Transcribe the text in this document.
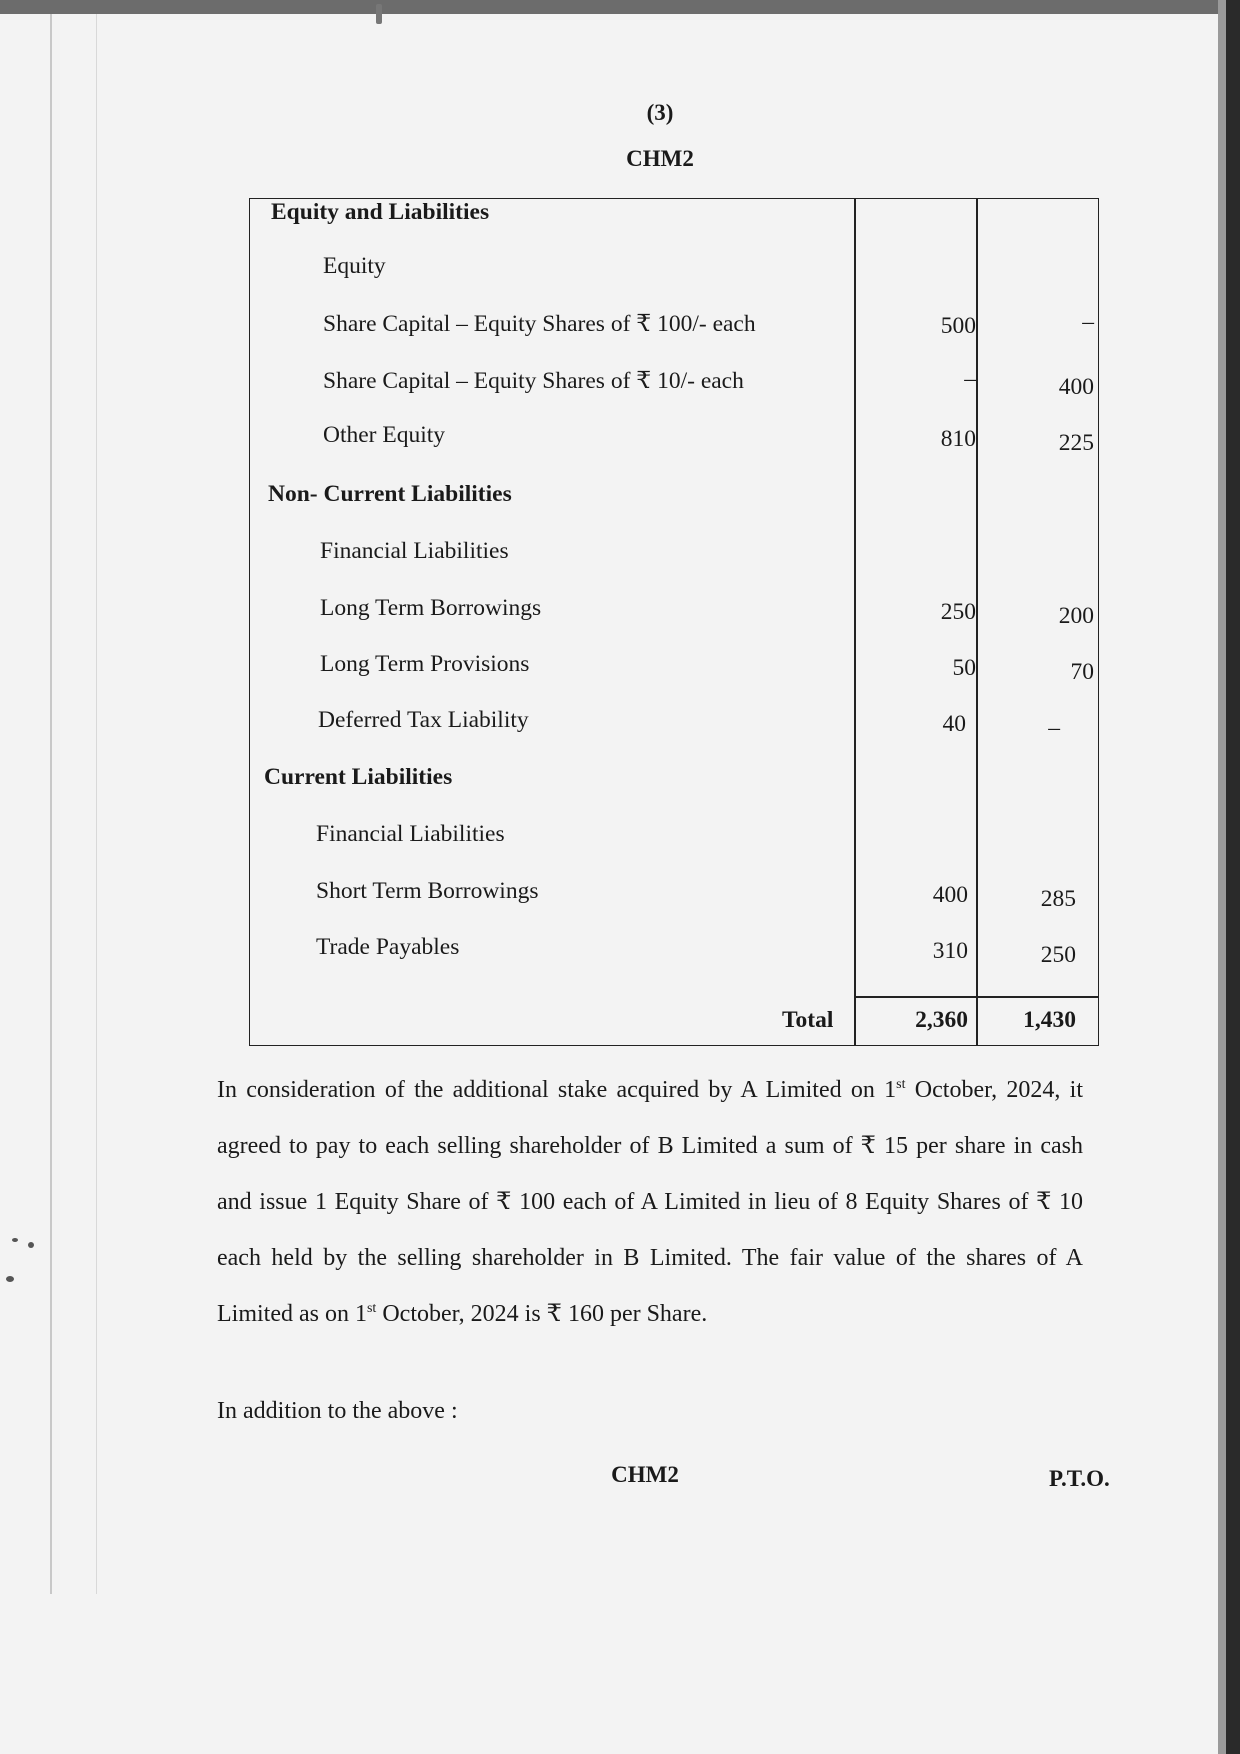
(3)
CHM2
Equity and Liabilities
Equity
Share Capital – Equity Shares of ₹ 100/- each	500	–
Share Capital – Equity Shares of ₹ 10/- each	–	400
Other Equity	810	225
Non- Current Liabilities
Financial Liabilities
Long Term Borrowings	250	200
Long Term Provisions	50	70
Deferred Tax Liability	40	–
Current Liabilities
Financial Liabilities
Short Term Borrowings	400	285
Trade Payables	310	250
Total	2,360	1,430

In consideration of the additional stake acquired by A Limited on 1st October, 2024, it agreed to pay to each selling shareholder of B Limited a sum of ₹ 15 per share in cash and issue 1 Equity Share of ₹ 100 each of A Limited in lieu of 8 Equity Shares of ₹ 10 each held by the selling shareholder in B Limited. The fair value of the shares of A Limited as on 1st October, 2024 is ₹ 160 per Share.

In addition to the above :
CHM2	P.T.O.
